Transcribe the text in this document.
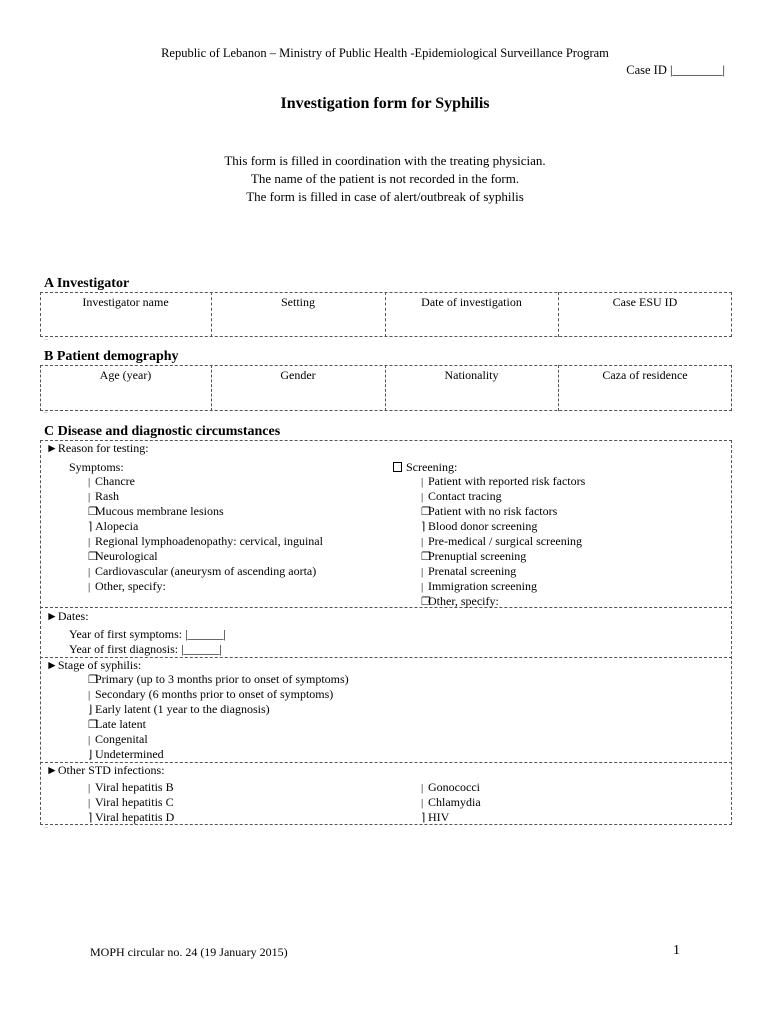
Republic of Lebanon – Ministry of Public Health -Epidemiological Surveillance Program
Case ID |________|
Investigation form for Syphilis
This form is filled in coordination with the treating physician.
The name of the patient is not recorded in the form.
The form is filled in case of alert/outbreak of syphilis
A Investigator
Investigator name	Setting	Date of investigation	Case ESU ID
¨¨
B Patient demography
Age (year)	Gender	Nationality	Caza of residence
¨¨
C Disease and diagnostic circumstances
►Reason for testing:
Symptoms:
| Chancre
| Rash
❐Mucous membrane lesions
⌉ Alopecia
| Regional lymphoadenopathy: cervical, inguinal
❐Neurological
| Cardiovascular (aneurysm of ascending aorta)
| Other, specify:
Screening:
| Patient with reported risk factors
| Contact tracing
❐Patient with no risk factors
⌉ Blood donor screening
| Pre-medical / surgical screening
❐Prenuptial screening
| Prenatal screening
| Immigration screening
❐Other, specify:
►Dates:
Year of first symptoms: |______|
Year of first diagnosis: |______|
►Stage of syphilis:
❐Primary (up to 3 months prior to onset of symptoms)
| Secondary (6 months prior to onset of symptoms)
⌋ Early latent (1 year to the diagnosis)
❐Late latent
| Congenital
⌋ Undetermined
►Other STD infections:
| Viral hepatitis B
| Viral hepatitis C
⌉ Viral hepatitis D
| Gonococci
| Chlamydia
⌉ HIV
¨¨
MOPH circular no. 24 (19 January 2015)	1
